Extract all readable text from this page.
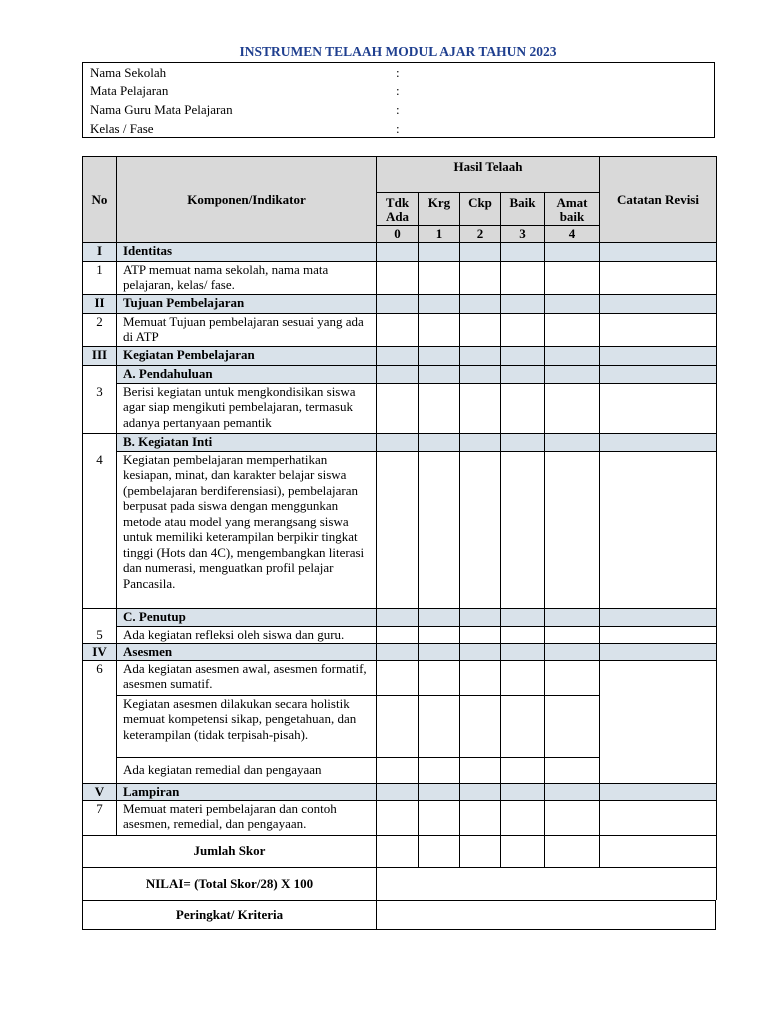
INSTRUMEN TELAAH MODUL AJAR TAHUN 2023
Nama Sekolah	:
Mata Pelajaran	:
Nama Guru Mata Pelajaran	:
Kelas / Fase	:
No	Komponen/Indikator	Hasil Telaah					Catatan Revisi
		Tdk Ada	Krg	Ckp	Baik	Amat baik	
		0	1	2	3	4	
I	Identitas						
1	ATP memuat nama sekolah, nama mata pelajaran, kelas/ fase.						
II	Tujuan Pembelajaran						
2	Memuat Tujuan pembelajaran sesuai yang ada di ATP						
III	Kegiatan Pembelajaran						
3	A. Pendahuluan						
	Berisi kegiatan untuk mengkondisikan siswa agar siap mengikuti pembelajaran, termasuk adanya pertanyaan pemantik						
4	B. Kegiatan Inti						
	Kegiatan pembelajaran memperhatikan kesiapan, minat, dan karakter belajar siswa (pembelajaran berdiferensiasi), pembelajaran berpusat pada siswa dengan menggunkan metode atau model yang merangsang siswa untuk memiliki keterampilan berpikir tingkat tinggi (Hots dan 4C), mengembangkan literasi dan numerasi, menguatkan profil pelajar Pancasila.						
5	C. Penutup						
	Ada kegiatan refleksi oleh siswa dan guru.						
IV	Asesmen						
6	Ada kegiatan asesmen awal, asesmen formatif, asesmen sumatif.						
	Kegiatan asesmen dilakukan secara holistik memuat kompetensi sikap, pengetahuan, dan keterampilan (tidak terpisah-pisah).						
	Ada kegiatan remedial dan pengayaan						
V	Lampiran						
7	Memuat materi pembelajaran dan contoh asesmen, remedial, dan pengayaan.						
Jumlah Skor							
NILAI= (Total Skor/28) X 100							
Peringkat/ Kriteria
